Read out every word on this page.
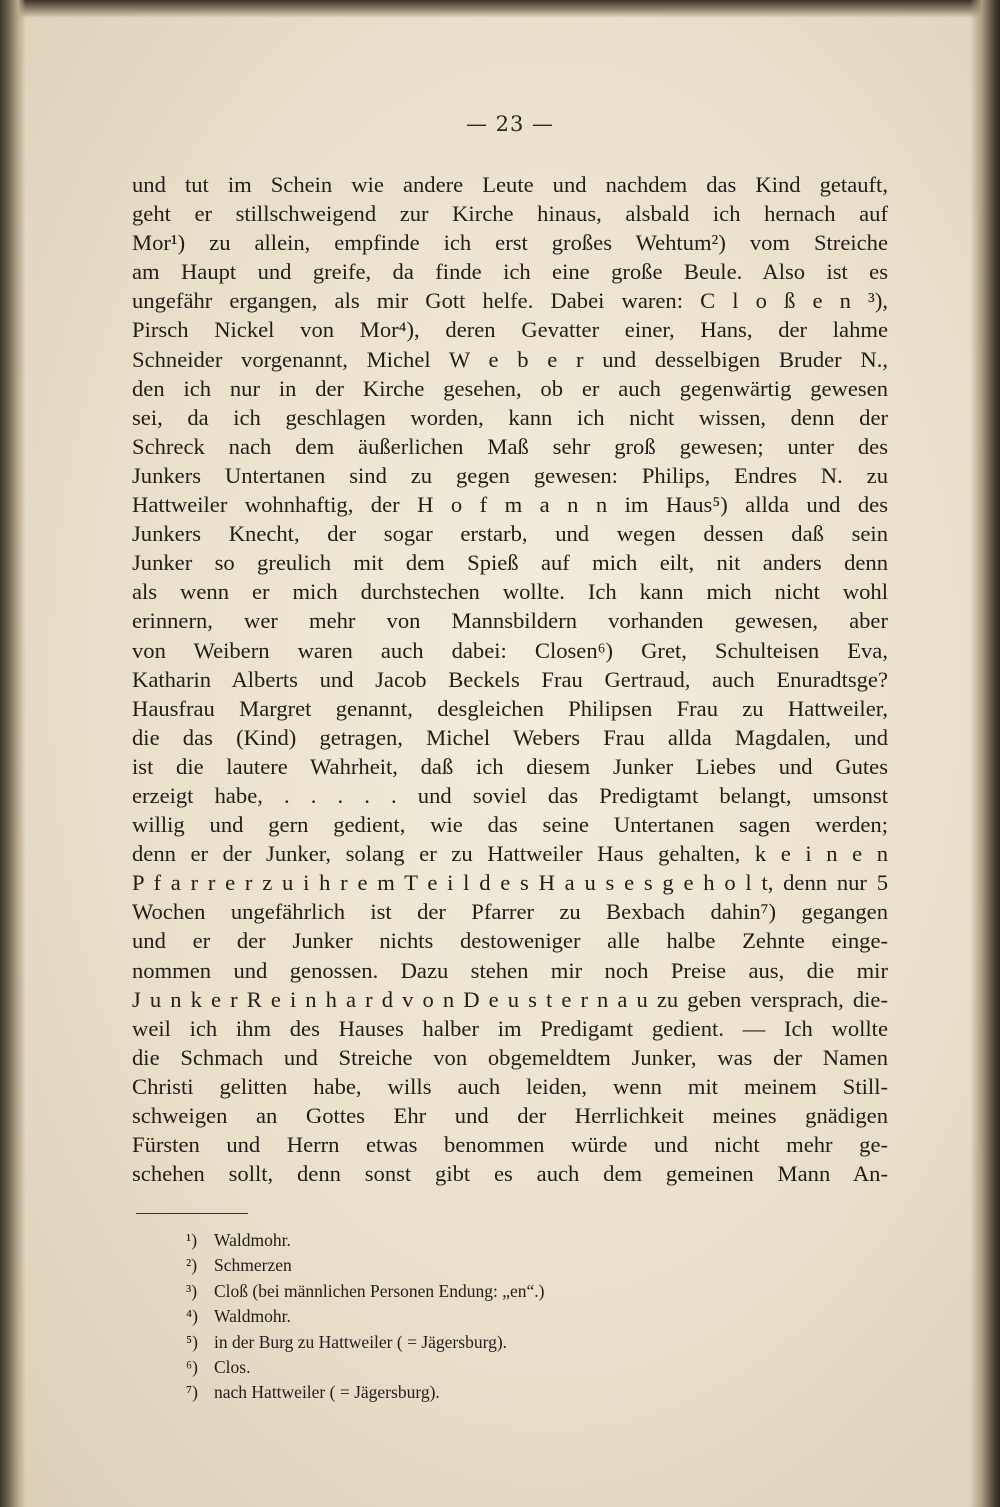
— 23 —
und tut im Schein wie andere Leute und nachdem das Kind getauft,
geht er stillschweigend zur Kirche hinaus, alsbald ich hernach auf
Mor¹) zu allein, empfinde ich erst großes Wehtum²) vom Streiche
am Haupt und greife, da finde ich eine große Beule. Also ist es
ungefähr ergangen, als mir Gott helfe. Dabei waren: C l o ß e n ³),
Pirsch Nickel von Mor⁴), deren Gevatter einer, Hans, der lahme
Schneider vorgenannt, Michel W e b e r und desselbigen Bruder N.,
den ich nur in der Kirche gesehen, ob er auch gegenwärtig gewesen
sei, da ich geschlagen worden, kann ich nicht wissen, denn der
Schreck nach dem äußerlichen Maß sehr groß gewesen; unter des
Junkers Untertanen sind zu gegen gewesen: Philips, Endres N. zu
Hattweiler wohnhaftig, der H o f m a n n im Haus⁵) allda und des
Junkers Knecht, der sogar erstarb, und wegen dessen daß sein
Junker so greulich mit dem Spieß auf mich eilt, nit anders denn
als wenn er mich durchstechen wollte. Ich kann mich nicht wohl
erinnern, wer mehr von Mannsbildern vorhanden gewesen, aber
von Weibern waren auch dabei: Closen⁶) Gret, Schulteisen Eva,
Katharin Alberts und Jacob Beckels Frau Gertraud, auch Enuradtsge?
Hausfrau Margret genannt, desgleichen Philipsen Frau zu Hattweiler,
die das (Kind) getragen, Michel Webers Frau allda Magdalen, und
ist die lautere Wahrheit, daß ich diesem Junker Liebes und Gutes
erzeigt habe, . . . . . und soviel das Predigtamt belangt, umsonst
willig und gern gedient, wie das seine Untertanen sagen werden;
denn er der Junker, solang er zu Hattweiler Haus gehalten, k e i n e n
P f a r r e r z u i h r e m T e i l d e s H a u s e s g e h o l t, denn nur 5
Wochen ungefährlich ist der Pfarrer zu Bexbach dahin⁷) gegangen
und er der Junker nichts destoweniger alle halbe Zehnte einge-
nommen und genossen. Dazu stehen mir noch Preise aus, die mir
J u n k e r R e i n h a r d v o n D e u s t e r n a u zu geben versprach, die-
weil ich ihm des Hauses halber im Predigamt gedient. — Ich wollte
die Schmach und Streiche von obgemeldtem Junker, was der Namen
Christi gelitten habe, wills auch leiden, wenn mit meinem Still-
schweigen an Gottes Ehr und der Herrlichkeit meines gnädigen
Fürsten und Herrn etwas benommen würde und nicht mehr ge-
schehen sollt, denn sonst gibt es auch dem gemeinen Mann An-
¹) Waldmohr.
²) Schmerzen
³) Cloß (bei männlichen Personen Endung: „en“.)
⁴) Waldmohr.
⁵) in der Burg zu Hattweiler ( = Jägersburg).
⁶) Clos.
⁷) nach Hattweiler ( = Jägersburg).
